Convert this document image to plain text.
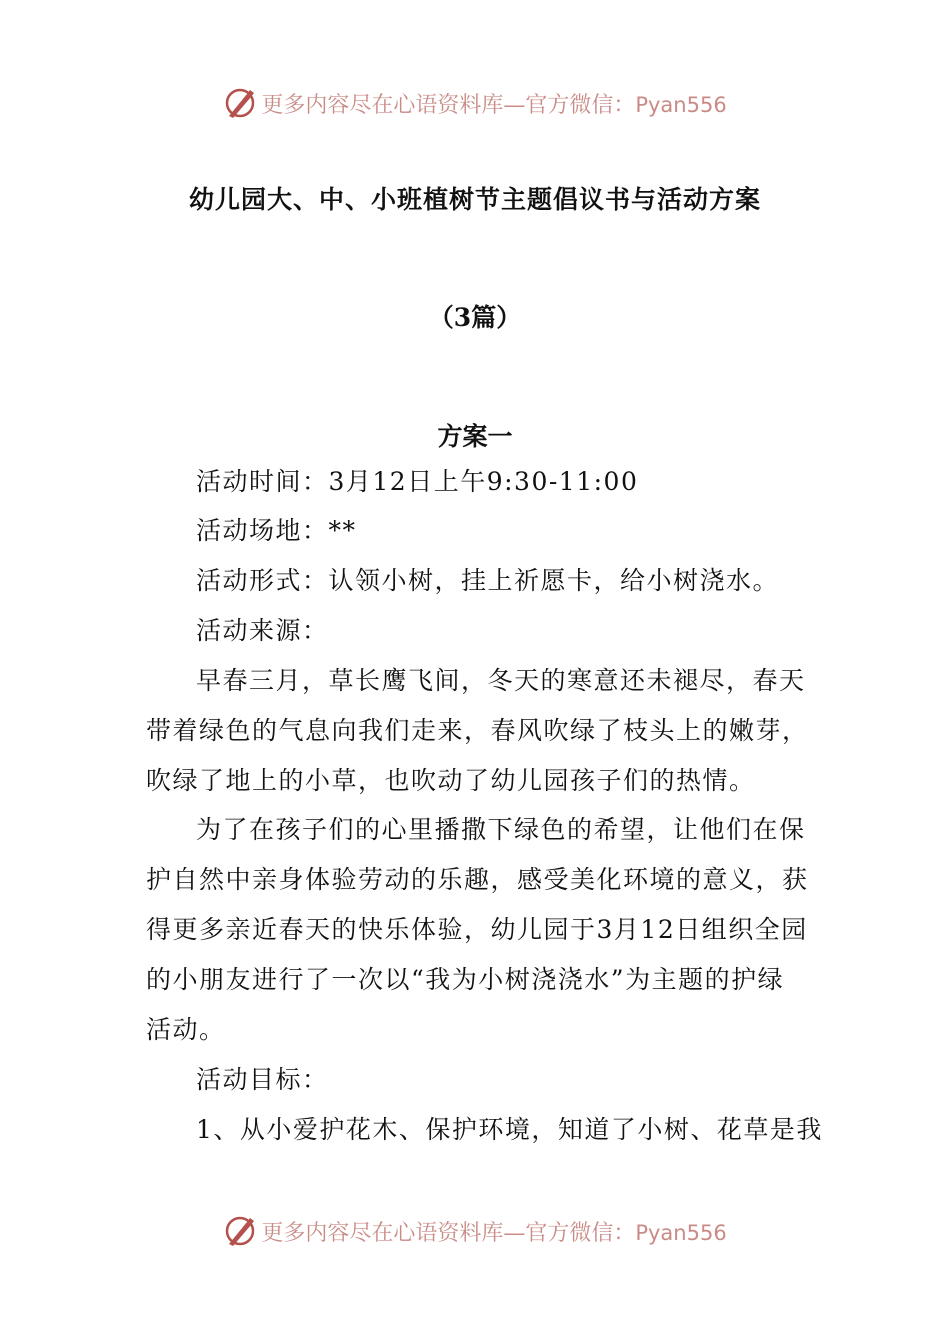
更多内容尽在心语资料库—官方微信：Pyan556
幼儿园大、中、小班植树节主题倡议书与活动方案
（3篇）
方案一
活动时间：3月12日上午9:30-11:00
活动场地：**
活动形式：认领小树，挂上祈愿卡，给小树浇水。
活动来源：
早春三月，草长鹰飞间，冬天的寒意还未褪尽，春天
带着绿色的气息向我们走来，春风吹绿了枝头上的嫩芽，
吹绿了地上的小草，也吹动了幼儿园孩子们的热情。
为了在孩子们的心里播撒下绿色的希望，让他们在保
护自然中亲身体验劳动的乐趣，感受美化环境的意义，获
得更多亲近春天的快乐体验，幼儿园于3月12日组织全园
的小朋友进行了一次以“我为小树浇浇水”为主题的护绿
活动。
活动目标：
1、从小爱护花木、保护环境，知道了小树、花草是我
更多内容尽在心语资料库—官方微信：Pyan556
